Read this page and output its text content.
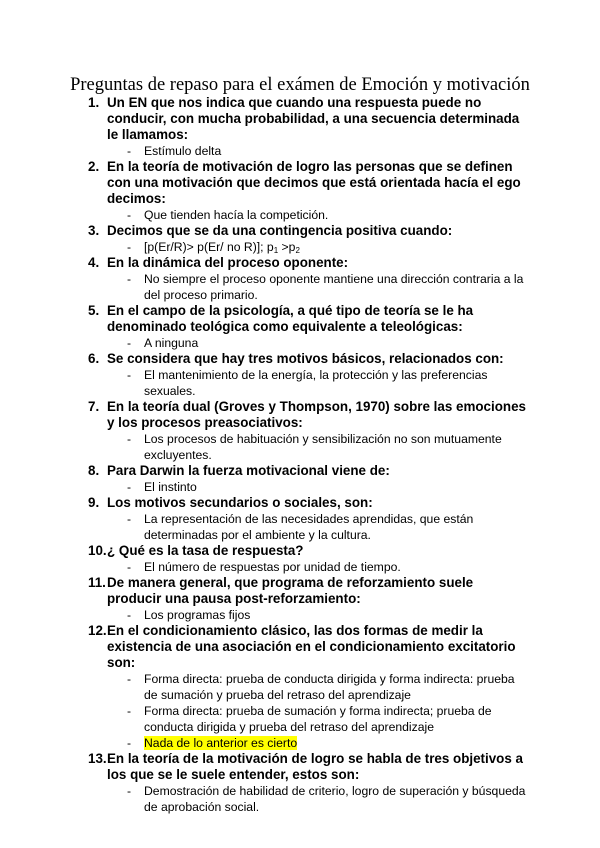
Preguntas de repaso para el exámen de Emoción y motivación
1. Un EN que nos indica que cuando una respuesta puede no conducir, con mucha probabilidad, a una secuencia determinada le llamamos:
- Estímulo delta
2. En la teoría de motivación de logro las personas que se definen con una motivación que decimos que está orientada hacía el ego decimos:
- Que tienden hacía la competición.
3. Decimos que se da una contingencia positiva cuando:
- [p(Er/R)> p(Er/ no R)]; $p_1 >p_2$
4. En la dinámica del proceso oponente:
- No siempre el proceso oponente mantiene una dirección contraria a la del proceso primario.
5. En el campo de la psicología, a qué tipo de teoría se le ha denominado teológica como equivalente a teleológicas:
- A ninguna
6. Se considera que hay tres motivos básicos, relacionados con:
- El mantenimiento de la energía, la protección y las preferencias sexuales.
7. En la teoría dual (Groves y Thompson, 1970) sobre las emociones y los procesos preasociativos:
- Los procesos de habituación y sensibilización no son mutuamente excluyentes.
8. Para Darwin la fuerza motivacional viene de:
- El instinto
9. Los motivos secundarios o sociales, son:
- La representación de las necesidades aprendidas, que están determinadas por el ambiente y la cultura.
10. ¿ Qué es la tasa de respuesta?
- El número de respuestas por unidad de tiempo.
11. De manera general, que programa de reforzamiento suele producir una pausa post-reforzamiento:
- Los programas fijos
12. En el condicionamiento clásico, las dos formas de medir la existencia de una asociación en el condicionamiento excitatorio son:
- Forma directa: prueba de conducta dirigida y forma indirecta: prueba de sumación y prueba del retraso del aprendizaje
- Forma directa: prueba de sumación y forma indirecta; prueba de conducta dirigida y prueba del retraso del aprendizaje
- Nada de lo anterior es cierto
13. En la teoría de la motivación de logro se habla de tres objetivos a los que se le suele entender, estos son:
- Demostración de habilidad de criterio, logro de superación y búsqueda de aprobación social.
